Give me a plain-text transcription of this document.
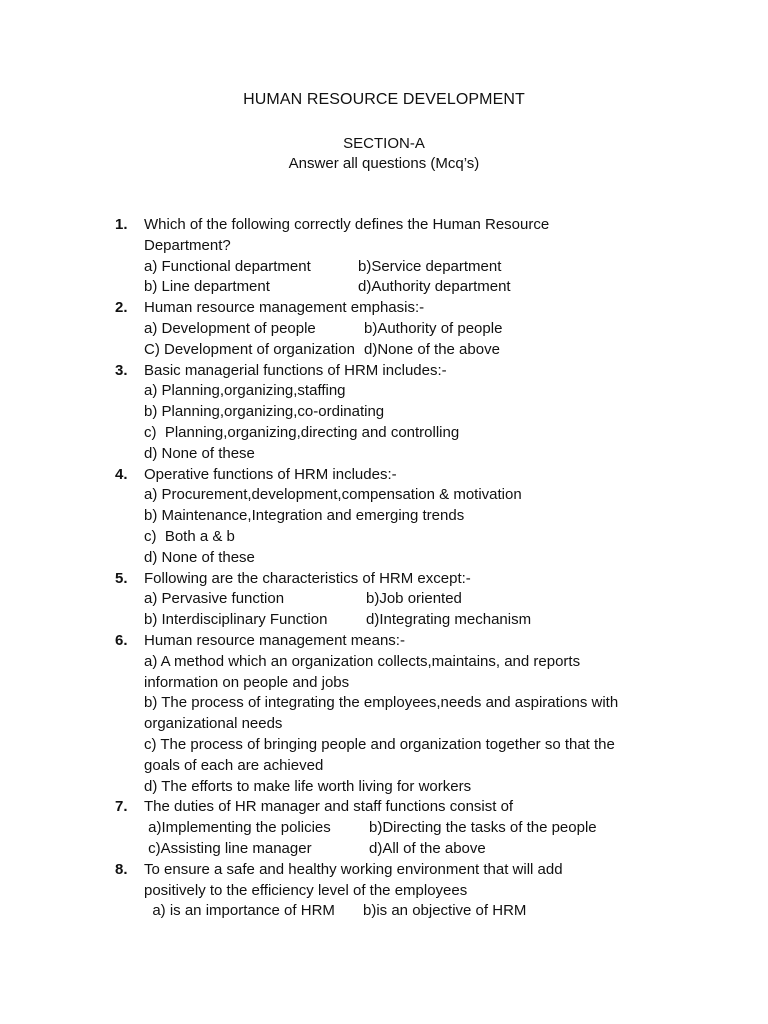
HUMAN RESOURCE DEVELOPMENT
SECTION-A
Answer all questions (Mcq’s)
1. Which of the following correctly defines the Human Resource Department?
a) Functional department	b)Service department
b) Line department	d)Authority department
2. Human resource management emphasis:-
a) Development of people	b)Authority of people
C) Development of organization d)None of the above
3. Basic managerial functions of HRM includes:-
a) Planning,organizing,staffing
b) Planning,organizing,co-ordinating
c)  Planning,organizing,directing and controlling
d) None of these
4. Operative functions of HRM includes:-
a) Procurement,development,compensation & motivation
b) Maintenance,Integration and emerging trends
c)  Both a & b
d) None of these
5. Following are the characteristics of HRM except:-
a) Pervasive function	b)Job oriented
b) Interdisciplinary Function	d)Integrating mechanism
6. Human resource management means:-
a) A method which an organization collects,maintains, and reports information on people and jobs
b) The process of integrating the employees,needs and aspirations with organizational needs
c) The process of bringing people and organization together so that the goals of each are achieved
d) The efforts to make life worth living for workers
7. The duties of HR manager and staff functions consist of
a)Implementing the policies	b)Directing the tasks of the people
c)Assisting line manager	d)All of the above
8. To ensure a safe and healthy working environment that will add positively to the efficiency level of the employees
a) is an importance of HRM b)is an objective of HRM
